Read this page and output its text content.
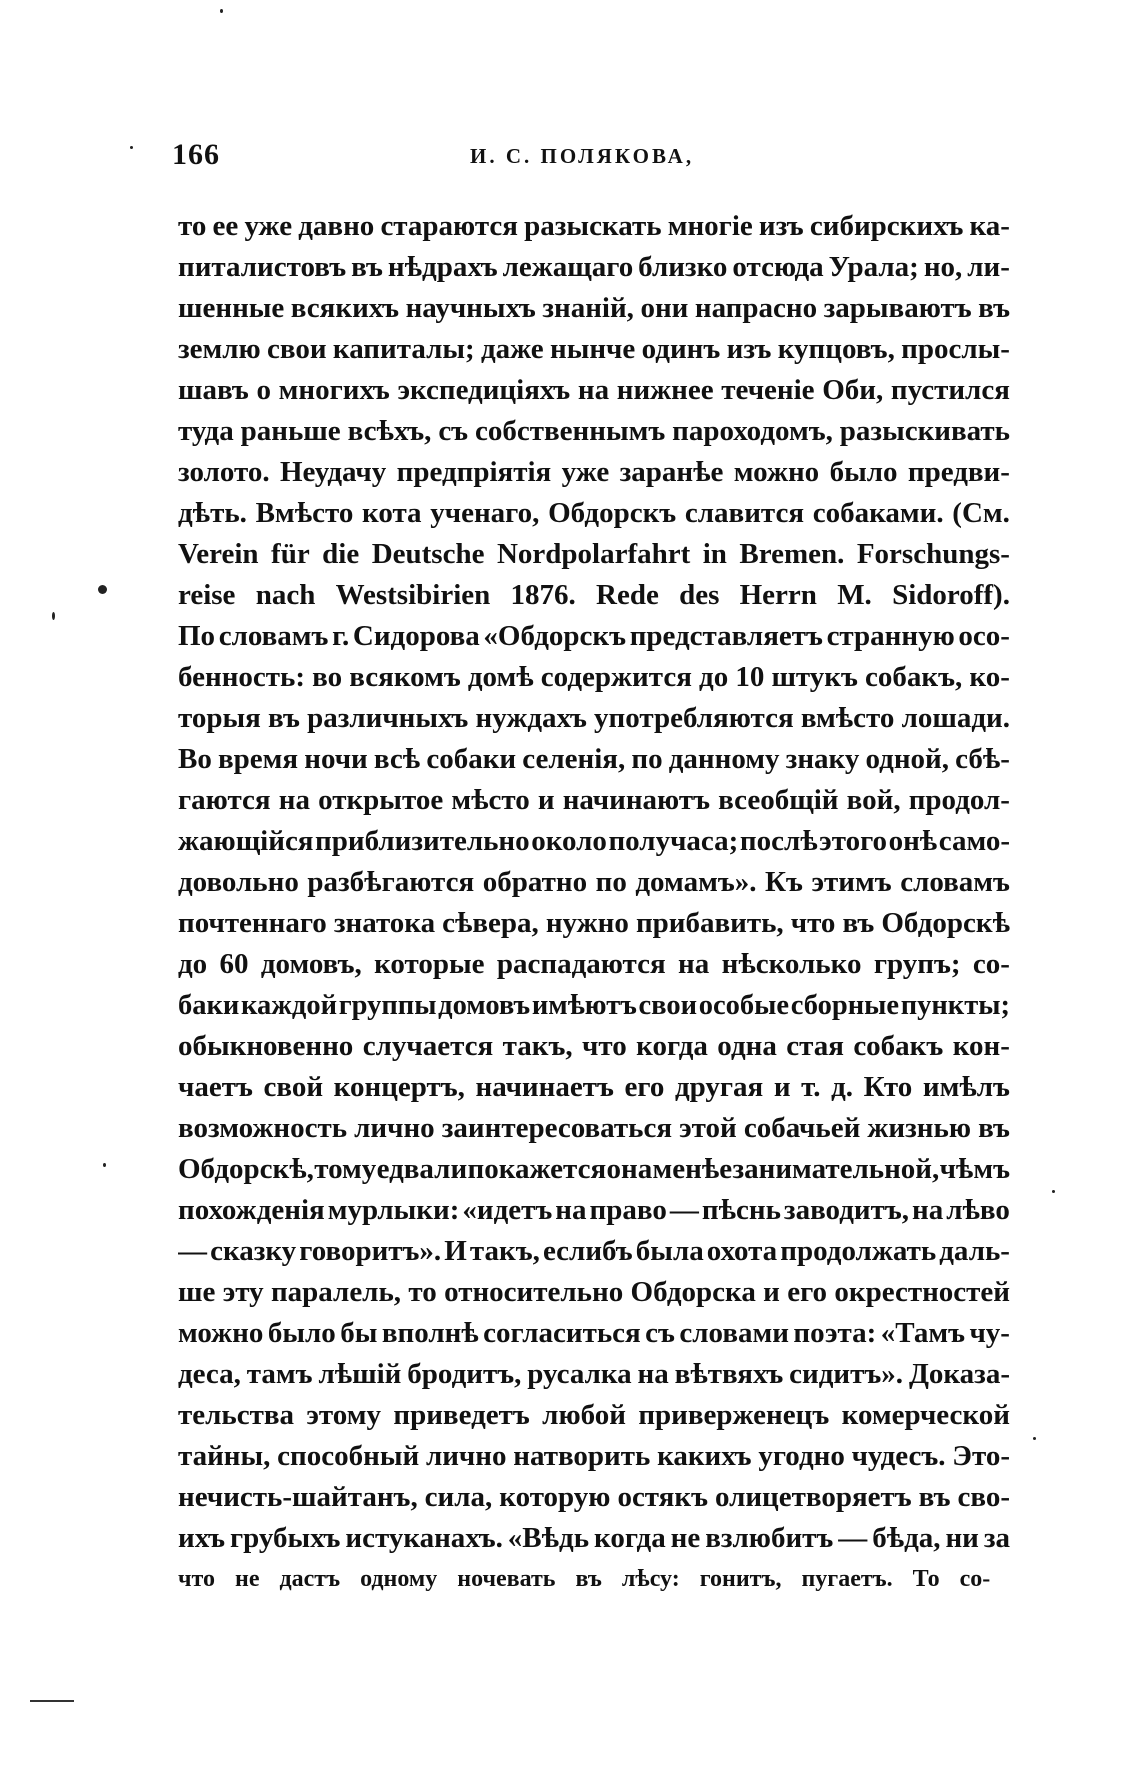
166	И. С. ПОЛЯКОВА,
то ее уже давно стараются разыскать многіе изъ сибирскихъ ка-
питалистовъ въ нѣдрахъ лежащаго близко отсюда Урала; но, ли-
шенные всякихъ научныхъ знаній, они напрасно зарываютъ въ
землю свои капиталы; даже нынче одинъ изъ купцовъ, прослы-
шавъ о многихъ экспедиціяхъ на нижнее теченіе Оби, пустился
туда раньше всѣхъ, съ собственнымъ пароходомъ, разыскивать
золото. Неудачу предпріятія уже заранѣе можно было предви-
дѣть. Вмѣсто кота ученаго, Обдорскъ славится собаками. (См.
Verein für die Deutsche Nordpolarfahrt in Bremen. Forschungs-
reise nach Westsibirien 1876. Rede des Herrn M. Sidoroff).
По словамъ г. Сидорова «Обдорскъ представляетъ странную осо-
бенность: во всякомъ домѣ содержится до 10 штукъ собакъ, ко-
торыя въ различныхъ нуждахъ употребляются вмѣсто лошади.
Во время ночи всѣ собаки селенія, по данному знаку одной, сбѣ-
гаются на открытое мѣсто и начинаютъ всеобщій вой, продол-
жающійся приблизительно около получаса; послѣ этого онѣ само-
довольно разбѣгаются обратно по домамъ». Къ этимъ словамъ
почтеннаго знатока сѣвера, нужно прибавить, что въ Обдорскѣ
до 60 домовъ, которые распадаются на нѣсколько групъ; со-
баки каждой группы домовъ имѣютъ свои особые сборные пункты;
обыкновенно случается такъ, что когда одна стая собакъ кон-
чаетъ свой концертъ, начинаетъ его другая и т. д. Кто имѣлъ
возможность лично заинтересоваться этой собачьей жизнью въ
Обдорскѣ, тому едвали покажется она менѣе занимательной, чѣмъ
похожденія мурлыки: «идетъ на право — пѣснь заводитъ, на лѣво
— сказку говоритъ». И такъ, еслибъ была охота продолжать даль-
ше эту паралель, то относительно Обдорска и его окрестностей
можно было бы вполнѣ согласиться съ словами поэта: «Тамъ чу-
деса, тамъ лѣшій бродитъ, русалка на вѣтвяхъ сидитъ». Доказа-
тельства этому приведетъ любой приверженецъ комерческой
тайны, способный лично натворить какихъ угодно чудесъ. Это-
нечисть-шайтанъ, сила, которую остякъ олицетворяетъ въ сво-
ихъ грубыхъ истуканахъ. «Вѣдь когда не взлюбитъ — бѣда, ни за
что не дастъ одному ночевать въ лѣсу: гонитъ, пугаетъ. То со-
